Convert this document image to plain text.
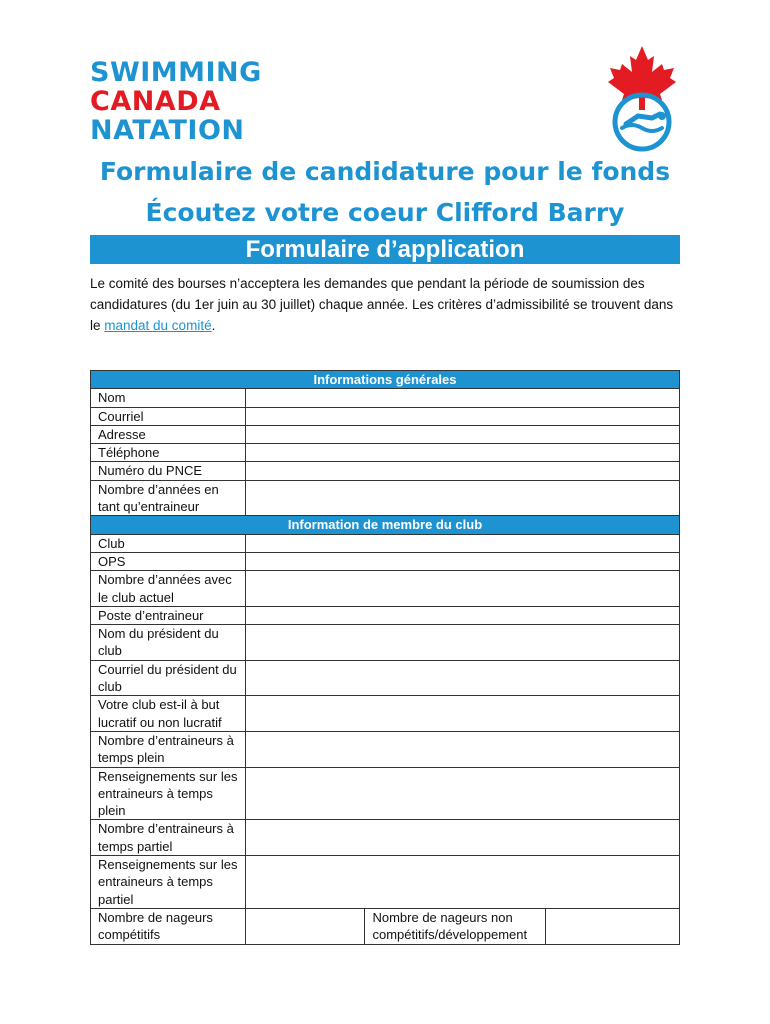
SWIMMING
CANADA
NATATION
Formulaire de candidature pour le fonds
Écoutez votre coeur Clifford Barry
Formulaire d’application
Le comité des bourses n’acceptera les demandes que pendant la période de soumission des candidatures (du 1er juin au 30 juillet) chaque année. Les critères d’admissibilité se trouvent dans le mandat du comité.
Informations générales			
Nom			
Courriel			
Adresse			
Téléphone			
Numéro du PNCE			
Nombre d’années en tant qu’entraineur			
Information de membre du club			
Club			
OPS			
Nombre d’années avec le club actuel			
Poste d’entraineur			
Nom du président du club			
Courriel du président du club			
Votre club est-il à but lucratif ou non lucratif			
Nombre d’entraineurs à temps plein			
Renseignements sur les entraineurs à temps plein			
Nombre d’entraineurs à temps partiel			
Renseignements sur les entraineurs à temps partiel			
Nombre de nageurs compétitifs		Nombre de nageurs non compétitifs/développement	
